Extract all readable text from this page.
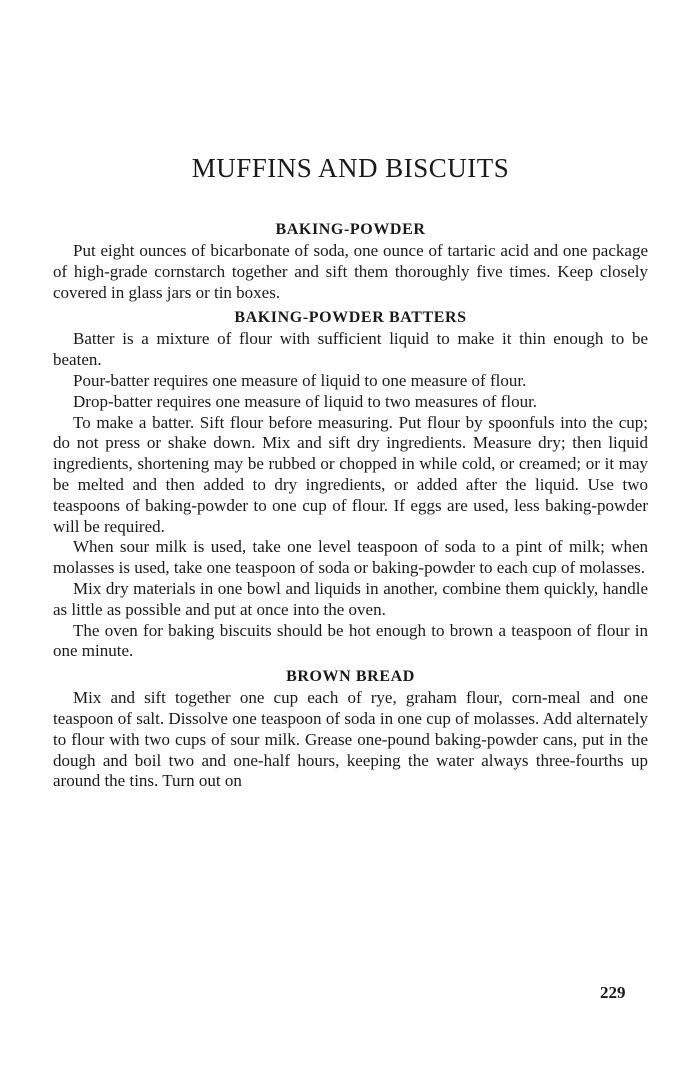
MUFFINS AND BISCUITS
BAKING-POWDER

Put eight ounces of bicarbonate of soda, one ounce of tartaric acid and one package of high-grade cornstarch together and sift them thoroughly five times. Keep closely covered in glass jars or tin boxes.

BAKING-POWDER BATTERS

Batter is a mixture of flour with sufficient liquid to make it thin enough to be beaten.

Pour-batter requires one measure of liquid to one measure of flour.

Drop-batter requires one measure of liquid to two measures of flour.

To make a batter. Sift flour before measuring. Put flour by spoonfuls into the cup; do not press or shake down. Mix and sift dry ingredients. Measure dry; then liquid ingredients, shortening may be rubbed or chopped in while cold, or creamed; or it may be melted and then added to dry ingredients, or added after the liquid. Use two teaspoons of baking-powder to one cup of flour. If eggs are used, less baking-powder will be required.

When sour milk is used, take one level teaspoon of soda to a pint of milk; when molasses is used, take one teaspoon of soda or baking-powder to each cup of molasses.

Mix dry materials in one bowl and liquids in another, combine them quickly, handle as little as possible and put at once into the oven.

The oven for baking biscuits should be hot enough to brown a teaspoon of flour in one minute.

BROWN BREAD

Mix and sift together one cup each of rye, graham flour, corn-meal and one teaspoon of salt. Dissolve one teaspoon of soda in one cup of molasses. Add alternately to flour with two cups of sour milk. Grease one-pound baking-powder cans, put in the dough and boil two and one-half hours, keeping the water always three-fourths up around the tins. Turn out on

229
